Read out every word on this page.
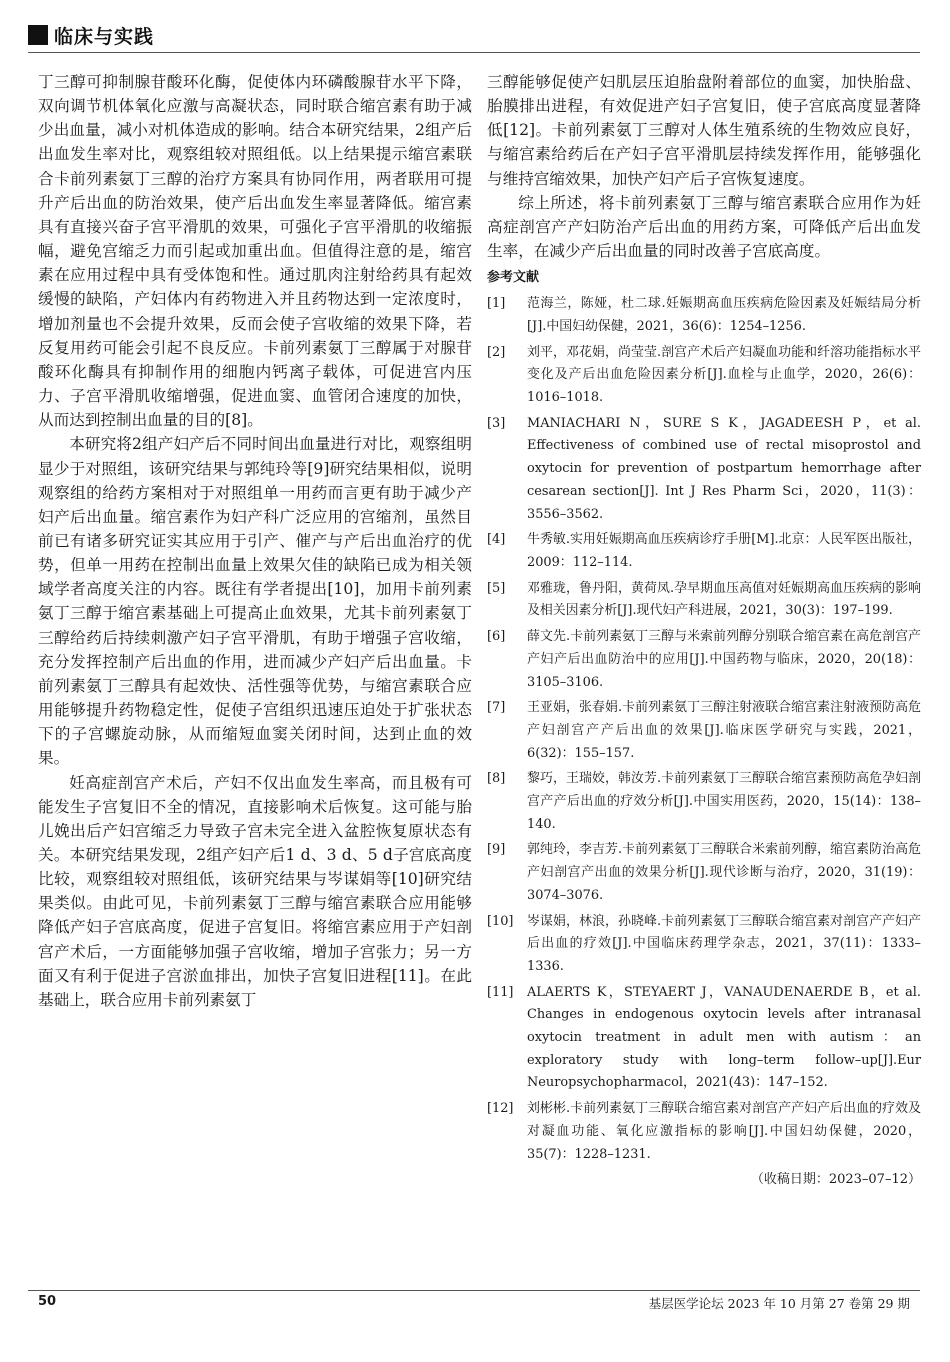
临床与实践

丁三醇可抑制腺苷酸环化酶，促使体内环磷酸腺苷水平下降，双向调节机体氧化应激与高凝状态，同时联合缩宫素有助于减少出血量，减小对机体造成的影响。结合本研究结果，2组产后出血发生率对比，观察组较对照组低。以上结果提示缩宫素联合卡前列素氨丁三醇的治疗方案具有协同作用，两者联用可提升产后出血的防治效果，使产后出血发生率显著降低。缩宫素具有直接兴奋子宫平滑肌的效果，可强化子宫平滑肌的收缩振幅，避免宫缩乏力而引起或加重出血。但值得注意的是，缩宫素在应用过程中具有受体饱和性。通过肌肉注射给药具有起效缓慢的缺陷，产妇体内有药物进入并且药物达到一定浓度时，增加剂量也不会提升效果，反而会使子宫收缩的效果下降，若反复用药可能会引起不良反应。卡前列素氨丁三醇属于对腺苷酸环化酶具有抑制作用的细胞内钙离子载体，可促进宫内压力、子宫平滑肌收缩增强，促进血窦、血管闭合速度的加快，从而达到控制出血量的目的[8]。

本研究将2组产妇产后不同时间出血量进行对比，观察组明显少于对照组，该研究结果与郭纯玲等[9]研究结果相似，说明观察组的给药方案相对于对照组单一用药而言更有助于减少产妇产后出血量。缩宫素作为妇产科广泛应用的宫缩剂，虽然目前已有诸多研究证实其应用于引产、催产与产后出血治疗的优势，但单一用药在控制出血量上效果欠佳的缺陷已成为相关领域学者高度关注的内容。既往有学者提出[10]，加用卡前列素氨丁三醇于缩宫素基础上可提高止血效果，尤其卡前列素氨丁三醇给药后持续刺激产妇子宫平滑肌，有助于增强子宫收缩，充分发挥控制产后出血的作用，进而减少产妇产后出血量。卡前列素氨丁三醇具有起效快、活性强等优势，与缩宫素联合应用能够提升药物稳定性，促使子宫组织迅速压迫处于扩张状态下的子宫螺旋动脉，从而缩短血窦关闭时间，达到止血的效果。

妊高症剖宫产术后，产妇不仅出血发生率高，而且极有可能发生子宫复旧不全的情况，直接影响术后恢复。这可能与胎儿娩出后产妇宫缩乏力导致子宫未完全进入盆腔恢复原状态有关。本研究结果发现，2组产妇产后1 d、3 d、5 d子宫底高度比较，观察组较对照组低，该研究结果与岑谋娟等[10]研究结果类似。由此可见，卡前列素氨丁三醇与缩宫素联合应用能够降低产妇子宫底高度，促进子宫复旧。将缩宫素应用于产妇剖宫产术后，一方面能够加强子宫收缩，增加子宫张力；另一方面又有利于促进子宫淤血排出，加快子宫复旧进程[11]。在此基础上，联合应用卡前列素氨丁

三醇能够促使产妇肌层压迫胎盘附着部位的血窦，加快胎盘、胎膜排出进程，有效促进产妇子宫复旧，使子宫底高度显著降低[12]。卡前列素氨丁三醇对人体生殖系统的生物效应良好，与缩宫素给药后在产妇子宫平滑肌层持续发挥作用，能够强化与维持宫缩效果，加快产妇产后子宫恢复速度。

综上所述，将卡前列素氨丁三醇与缩宫素联合应用作为妊高症剖宫产产妇防治产后出血的用药方案，可降低产后出血发生率，在减少产后出血量的同时改善子宫底高度。

参考文献
[1]	范海兰，陈娅，杜二球.妊娠期高血压疾病危险因素及妊娠结局分析[J].中国妇幼保健，2021，36(6)：1254–1256.
[2]	刘平，邓花娟，尚莹莹.剖宫产术后产妇凝血功能和纤溶功能指标水平变化及产后出血危险因素分析[J].血栓与止血学，2020，26(6)：1016–1018.
[3]	MANIACHARI N，SURE S K，JAGADEESH P，et al. Effectiveness of combined use of rectal misoprostol and oxytocin for prevention of postpartum hemorrhage after cesarean section[J]. Int J Res Pharm Sci，2020，11(3)：3556–3562.
[4]	牛秀敏.实用妊娠期高血压疾病诊疗手册[M].北京：人民军医出版社，2009：112–114.
[5]	邓雅珑，鲁丹阳，黄荷凤.孕早期血压高值对妊娠期高血压疾病的影响及相关因素分析[J].现代妇产科进展，2021，30(3)：197–199.
[6]	薛文先.卡前列素氨丁三醇与米索前列醇分别联合缩宫素在高危剖宫产产妇产后出血防治中的应用[J].中国药物与临床，2020，20(18)：3105–3106.
[7]	王亚娟，张春娟.卡前列素氨丁三醇注射液联合缩宫素注射液预防高危产妇剖宫产产后出血的效果[J].临床医学研究与实践，2021，6(32)：155–157.
[8]	黎巧，王瑞姣，韩汝芳.卡前列素氨丁三醇联合缩宫素预防高危孕妇剖宫产产后出血的疗效分析[J].中国实用医药，2020，15(14)：138–140.
[9]	郭纯玲，李吉芳.卡前列素氨丁三醇联合米索前列醇，缩宫素防治高危产妇剖宫产出血的效果分析[J].现代诊断与治疗，2020，31(19)：3074–3076.
[10]	岑谋娟，林浪，孙晓峰.卡前列素氨丁三醇联合缩宫素对剖宫产产妇产后出血的疗效[J].中国临床药理学杂志，2021，37(11)：1333–1336.
[11]	ALAERTS K，STEYAERT J，VANAUDENAERDE B，et al. Changes in endogenous oxytocin levels after intranasal oxytocin treatment in adult men with autism：an exploratory study with long–term follow–up[J].Eur Neuropsychopharmacol，2021(43)：147–152.
[12]	刘彬彬.卡前列素氨丁三醇联合缩宫素对剖宫产产妇产后出血的疗效及对凝血功能、氧化应激指标的影响[J].中国妇幼保健，2020，35(7)：1228–1231.
（收稿日期：2023–07–12）
50	基层医学论坛 2023 年 10 月第 27 卷第 29 期
